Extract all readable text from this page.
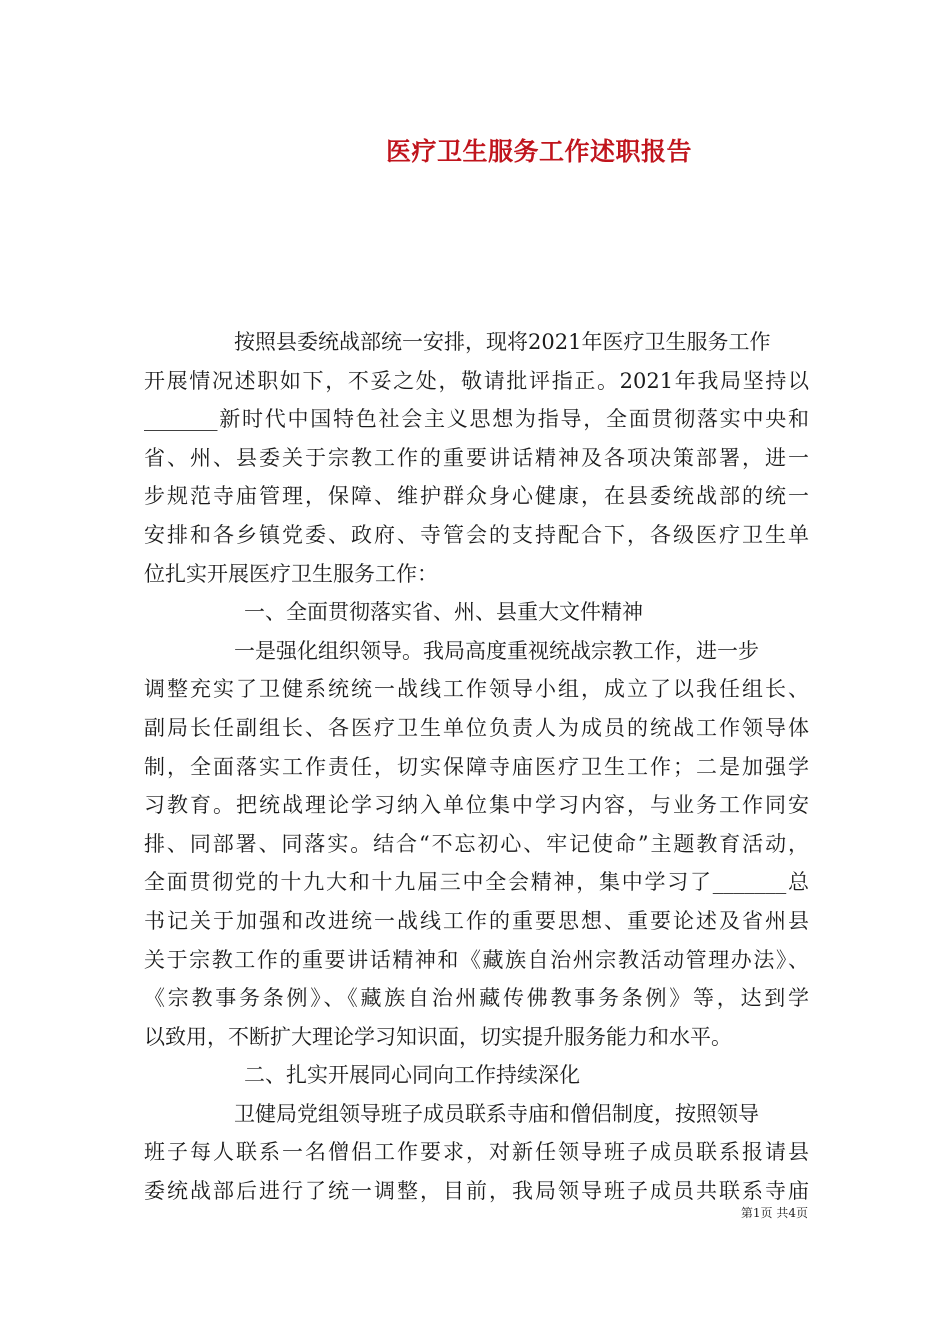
医疗卫生服务工作述职报告
按照县委统战部统一安排，现将2021年医疗卫生服务工作
开展情况述职如下，不妥之处，敬请批评指正。2021年我局坚持以
_______新时代中国特色社会主义思想为指导，全面贯彻落实中央和
省、州、县委关于宗教工作的重要讲话精神及各项决策部署，进一
步规范寺庙管理，保障、维护群众身心健康，在县委统战部的统一
安排和各乡镇党委、政府、寺管会的支持配合下，各级医疗卫生单
位扎实开展医疗卫生服务工作：
一、全面贯彻落实省、州、县重大文件精神
一是强化组织领导。我局高度重视统战宗教工作，进一步
调整充实了卫健系统统一战线工作领导小组，成立了以我任组长、
副局长任副组长、各医疗卫生单位负责人为成员的统战工作领导体
制，全面落实工作责任，切实保障寺庙医疗卫生工作；二是加强学
习教育。把统战理论学习纳入单位集中学习内容，与业务工作同安
排、同部署、同落实。结合“不忘初心、牢记使命”主题教育活动，
全面贯彻党的十九大和十九届三中全会精神，集中学习了_______总
书记关于加强和改进统一战线工作的重要思想、重要论述及省州县
关于宗教工作的重要讲话精神和《藏族自治州宗教活动管理办法》、
《宗教事务条例》、《藏族自治州藏传佛教事务条例》等，达到学
以致用，不断扩大理论学习知识面，切实提升服务能力和水平。
二、扎实开展同心同向工作持续深化
卫健局党组领导班子成员联系寺庙和僧侣制度，按照领导
班子每人联系一名僧侣工作要求，对新任领导班子成员联系报请县
委统战部后进行了统一调整，目前，我局领导班子成员共联系寺庙
第1页 共4页
